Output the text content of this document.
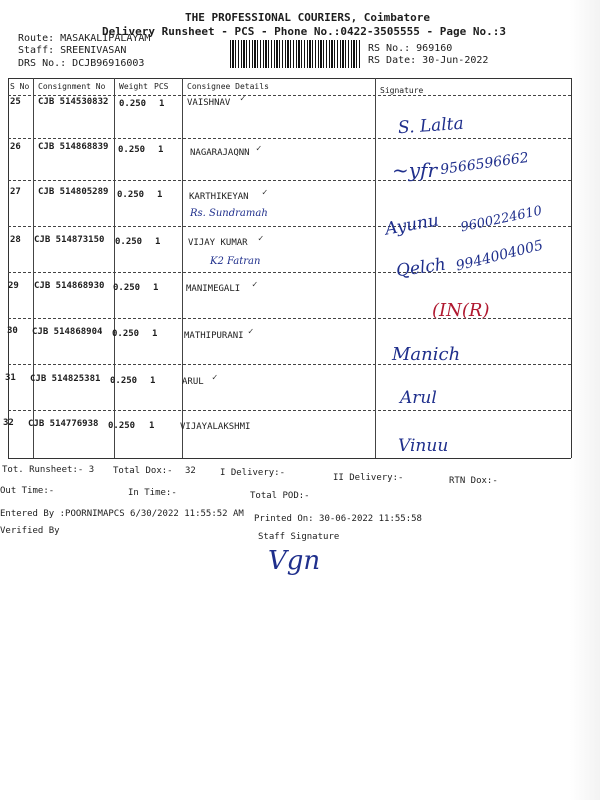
THE PROFESSIONAL COURIERS, Coimbatore
Delivery Runsheet - PCS - Phone No.:0422-3505555 - Page No.:3
Route: MASAKALIPALAYAM
Staff: SREENIVASAN
DRS No.: DCJB96916003
RS No.: 969160
RS Date: 30-Jun-2022
S No Consignment No Weight PCS Consignee Details	Signature
25 CJB 514530832 0.250 1	VAISHNAV ✓
S. Lalta
26 CJB 514868839 0.250 1	NAGARAJAQNN ✓
~yfr 9566596662
27 CJB 514805289 0.250 1	KARTHIKEYAN ✓
Rs. Sundramah	Ayunu 9600224610
28 CJB 514873150 0.250 1	VIJAY KUMAR ✓
K2 Fatran	Qelch 9944004005
29 CJB 514868930 0.250 1	MANIMEGALI ✓
(IN(R)
30 CJB 514868904 0.250 1	MATHIPURANI ✓
Manich
31 CJB 514825381 0.250 1	ARUL ✓
Arul
32 CJB 514776938 0.250 1	VIJAYALAKSHMI
Vinuu
Tot. Runsheet:- 3 Total Dox:- 32	I Delivery:-	II Delivery:-	RTN Dox:-
Out Time:-	In Time:-	Total POD:-
Entered By :POORNIMAPCS 6/30/2022 11:55:52 AM Printed On: 30-06-2022 11:55:58
Verified By
Staff Signature
Vgn
